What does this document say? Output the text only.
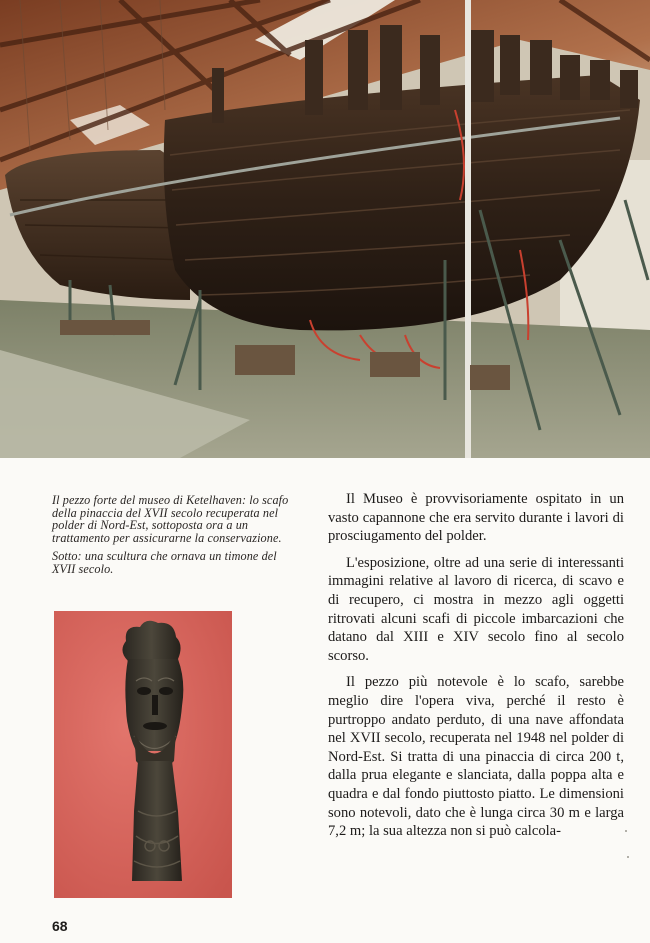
Il pezzo forte del museo di Ketelhaven: lo scafo della pinaccia del XVII secolo recuperata nel polder di Nord-Est, sottoposta ora a un trattamento per assicurarne la conservazione.

Sotto: una scultura che ornava un timone del XVII secolo.

Il Museo è provvisoriamente ospitato in un vasto capannone che era servito durante i lavori di prosciugamento del polder.

L'esposizione, oltre ad una serie di interessanti immagini relative al lavoro di ricerca, di scavo e di recupero, ci mostra in mezzo agli oggetti ritrovati alcuni scafi di piccole imbarcazioni che datano dal XIII e XIV secolo fino al secolo scorso.

Il pezzo più notevole è lo scafo, sarebbe meglio dire l'opera viva, perché il resto è purtroppo andato perduto, di una nave affondata nel XVII secolo, recuperata nel 1948 nel polder di Nord-Est. Si tratta di una pinaccia di circa 200 t, dalla prua elegante e slanciata, dalla poppa alta e quadra e dal fondo piuttosto piatto. Le dimensioni sono notevoli, dato che è lunga circa 30 m e larga 7,2 m; la sua altezza non si può calcola-

68
